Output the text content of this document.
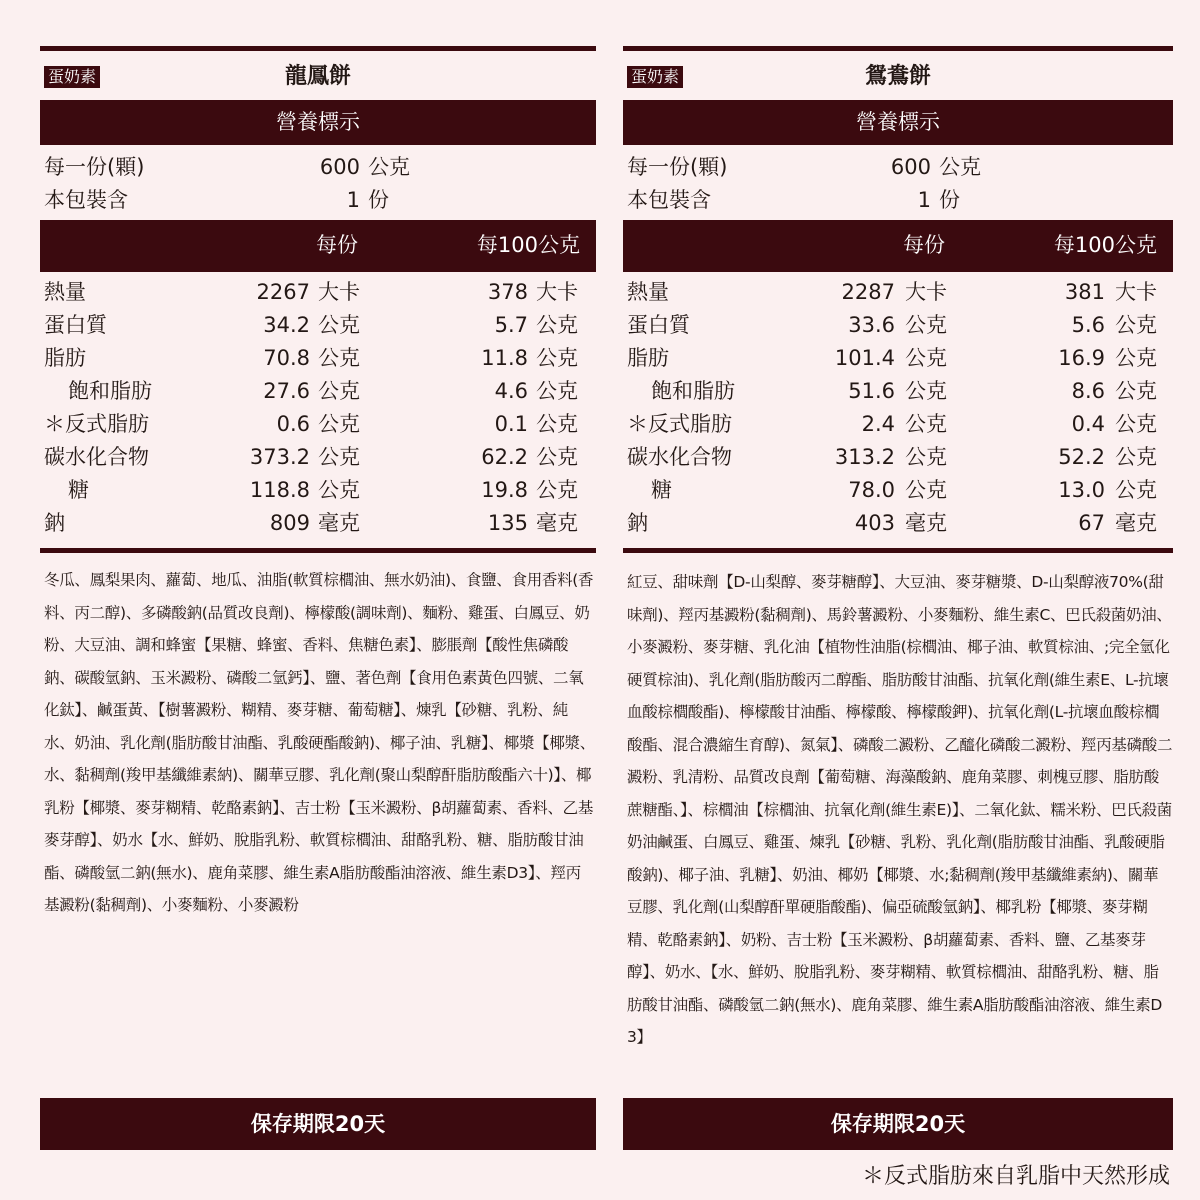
蛋奶素	龍鳳餅
營養標示
每一份(顆)	600 公克
本包裝含	1 份
每份	每100公克
熱量	2267 大卡	378 大卡
蛋白質	34.2 公克	5.7 公克
脂肪	70.8 公克	11.8 公克
飽和脂肪	27.6 公克	4.6 公克
＊反式脂肪	0.6 公克	0.1 公克
碳水化合物	373.2 公克	62.2 公克
糖	118.8 公克	19.8 公克
鈉	809 毫克	135 毫克
冬瓜、鳳梨果肉、蘿蔔、地瓜、油脂(軟質棕櫚油、無水奶油)、食鹽、食用香料(香料、丙二醇)、多磷酸鈉(品質改良劑)、檸檬酸(調味劑)、麵粉、雞蛋、白鳳豆、奶粉、大豆油、調和蜂蜜【果糖、蜂蜜、香料、焦糖色素】、膨脹劑【酸性焦磷酸鈉、碳酸氫鈉、玉米澱粉、磷酸二氫鈣】、鹽、著色劑【食用色素黃色四號、二氧化鈦】、鹹蛋黃、【樹薯澱粉、糊精、麥芽糖、葡萄糖】、煉乳【砂糖、乳粉、純水、奶油、乳化劑(脂肪酸甘油酯、乳酸硬酯酸鈉)、椰子油、乳糖】、椰漿【椰漿、水、黏稠劑(羧甲基纖維素納)、關華豆膠、乳化劑(聚山梨醇酐脂肪酸酯六十)】、椰乳粉【椰漿、麥芽糊精、乾酪素鈉】、吉士粉【玉米澱粉、β胡蘿蔔素、香料、乙基麥芽醇】、奶水【水、鮮奶、脫脂乳粉、軟質棕櫚油、甜酪乳粉、糖、脂肪酸甘油酯、磷酸氫二鈉(無水)、鹿角菜膠、維生素A脂肪酸酯油溶液、維生素D3】、羥丙基澱粉(黏稠劑)、小麥麵粉、小麥澱粉
保存期限20天
蛋奶素	鴛鴦餅
營養標示
每一份(顆)	600 公克
本包裝含	1 份
每份	每100公克
熱量	2287 大卡	381 大卡
蛋白質	33.6 公克	5.6 公克
脂肪	101.4 公克	16.9 公克
飽和脂肪	51.6 公克	8.6 公克
＊反式脂肪	2.4 公克	0.4 公克
碳水化合物	313.2 公克	52.2 公克
糖	78.0 公克	13.0 公克
鈉	403 毫克	67 毫克
紅豆、甜味劑【D-山梨醇、麥芽糖醇】、大豆油、麥芽糖漿、D-山梨醇液70%(甜味劑)、羥丙基澱粉(黏稠劑)、馬鈴薯澱粉、小麥麵粉、維生素C、巴氏殺菌奶油、小麥澱粉、麥芽糖、乳化油【植物性油脂(棕櫚油、椰子油、軟質棕油、;完全氫化硬質棕油)、乳化劑(脂肪酸丙二醇酯、脂肪酸甘油酯、抗氧化劑(維生素E、L-抗壞血酸棕櫚酸酯)、檸檬酸甘油酯、檸檬酸、檸檬酸鉀)、抗氧化劑(L-抗壞血酸棕櫚酸酯、混合濃縮生育醇)、氮氣】、磷酸二澱粉、乙醯化磷酸二澱粉、羥丙基磷酸二澱粉、乳清粉、品質改良劑【葡萄糖、海藻酸鈉、鹿角菜膠、刺槐豆膠、脂肪酸蔗糖酯、】、棕櫚油【棕櫚油、抗氧化劑(維生素E)】、二氧化鈦、糯米粉、巴氏殺菌奶油鹹蛋、白鳳豆、雞蛋、煉乳【砂糖、乳粉、乳化劑(脂肪酸甘油酯、乳酸硬脂酸鈉)、椰子油、乳糖】、奶油、椰奶【椰漿、水;黏稠劑(羧甲基纖維素納)、關華豆膠、乳化劑(山梨醇酐單硬脂酸酯)、偏亞硫酸氫鈉】、椰乳粉【椰漿、麥芽糊精、乾酪素鈉】、奶粉、吉士粉【玉米澱粉、β胡蘿蔔素、香料、鹽、乙基麥芽醇】、奶水、【水、鮮奶、脫脂乳粉、麥芽糊精、軟質棕櫚油、甜酪乳粉、糖、脂肪酸甘油酯、磷酸氫二鈉(無水)、鹿角菜膠、維生素A脂肪酸酯油溶液、維生素D3】
保存期限20天
＊反式脂肪來自乳脂中天然形成
